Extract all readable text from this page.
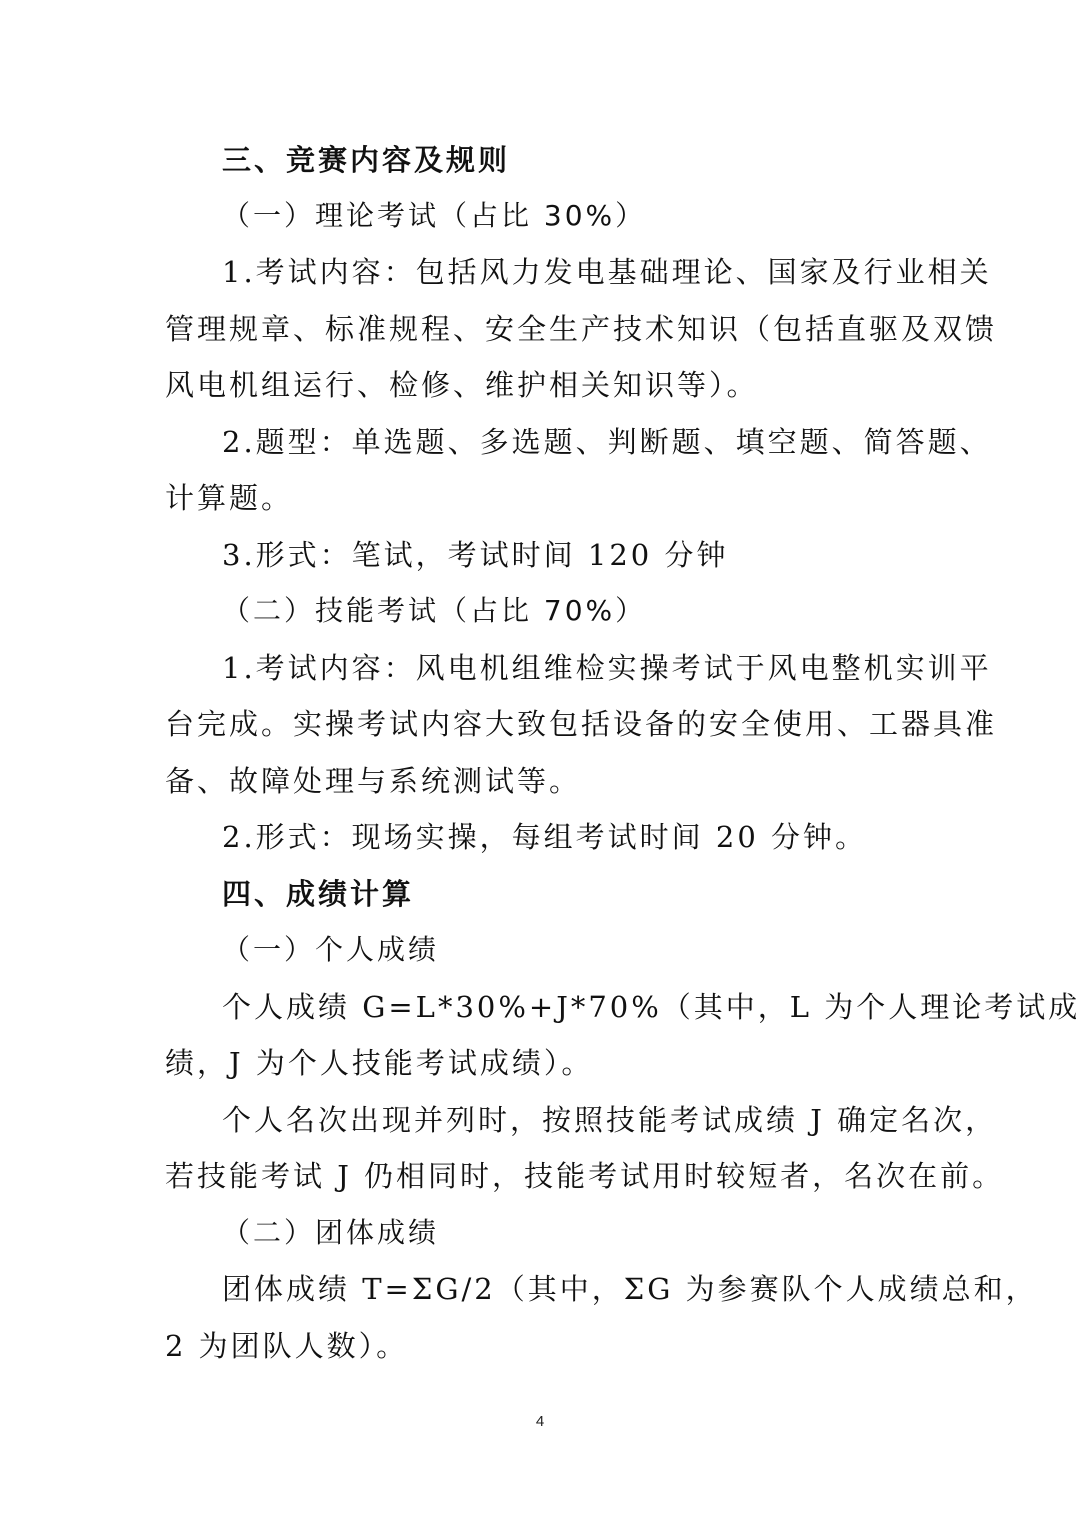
三、竞赛内容及规则
（一）理论考试（占比 30%）
1.考试内容：包括风力发电基础理论、国家及行业相关
管理规章、标准规程、安全生产技术知识（包括直驱及双馈
风电机组运行、检修、维护相关知识等）。
2.题型：单选题、多选题、判断题、填空题、简答题、
计算题。
3.形式：笔试，考试时间 120 分钟
（二）技能考试（占比 70%）
1.考试内容：风电机组维检实操考试于风电整机实训平
台完成。实操考试内容大致包括设备的安全使用、工器具准
备、故障处理与系统测试等。
2.形式：现场实操，每组考试时间 20 分钟。
四、成绩计算
（一）个人成绩
个人成绩 G=L*30%+J*70%（其中，L 为个人理论考试成
绩，J 为个人技能考试成绩）。
个人名次出现并列时，按照技能考试成绩 J 确定名次，
若技能考试 J 仍相同时，技能考试用时较短者，名次在前。
（二）团体成绩
团体成绩 T=ΣG/2（其中，ΣG 为参赛队个人成绩总和，
2 为团队人数）。
4
